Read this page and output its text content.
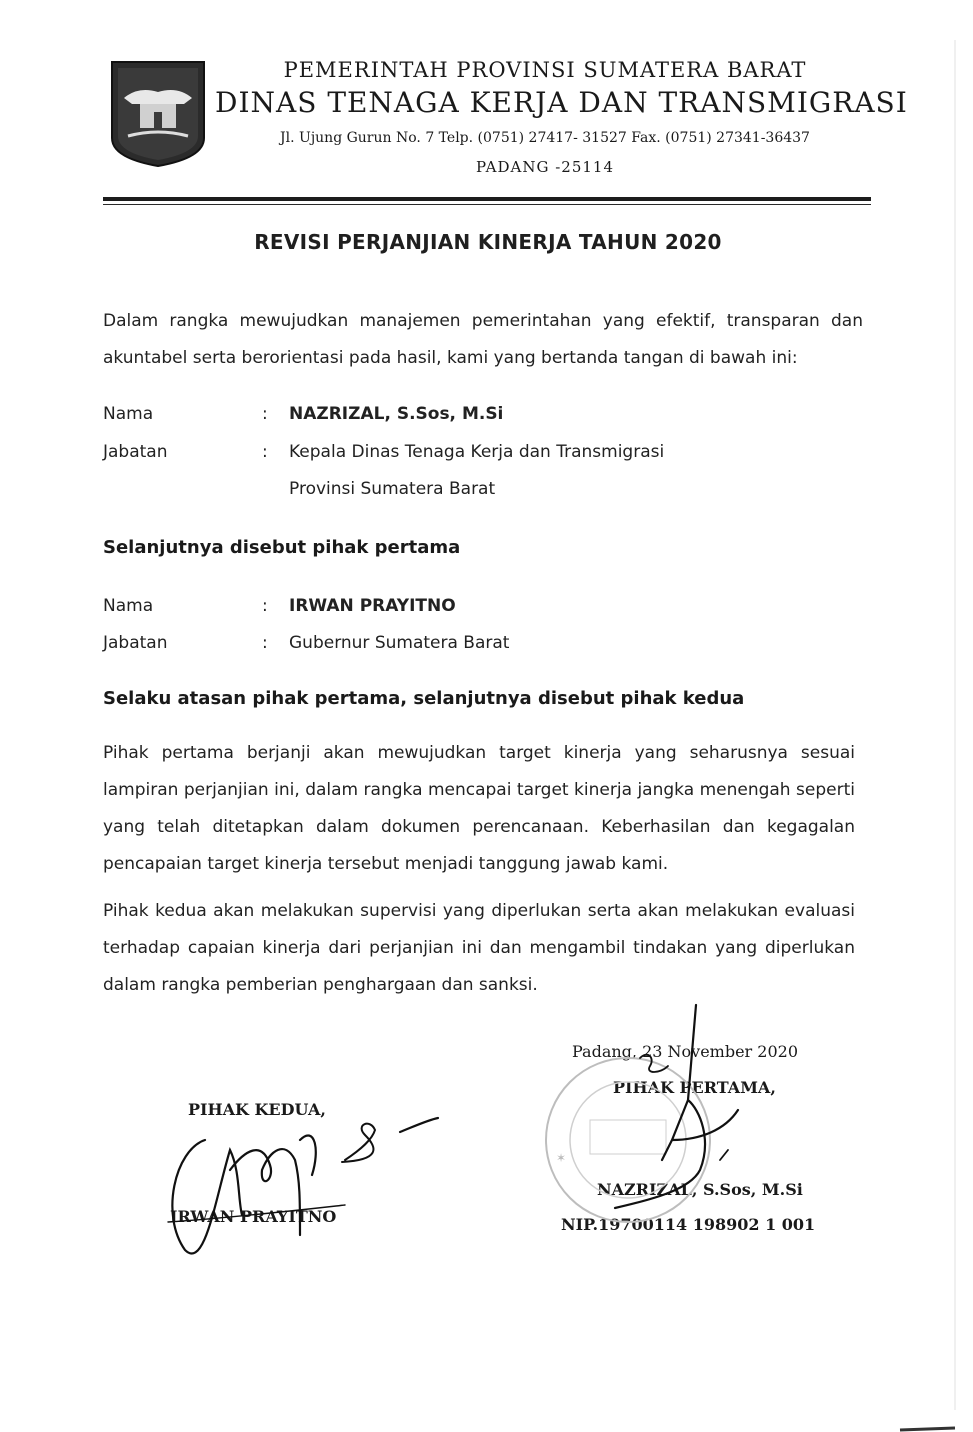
PEMERINTAH PROVINSI SUMATERA BARAT
DINAS TENAGA KERJA DAN TRANSMIGRASI
Jl. Ujung Gurun No. 7 Telp. (0751) 27417- 31527 Fax. (0751) 27341-36437
PADANG -25114
REVISI PERJANJIAN KINERJA TAHUN 2020
Dalam rangka mewujudkan manajemen pemerintahan yang efektif, transparan dan akuntabel serta berorientasi pada hasil, kami yang bertanda tangan di bawah ini:
Nama	: NAZRIZAL, S.Sos, M.Si
Jabatan	: Kepala Dinas Tenaga Kerja dan Transmigrasi
Provinsi Sumatera Barat
Selanjutnya disebut pihak pertama
Nama	: IRWAN PRAYITNO
Jabatan	: Gubernur Sumatera Barat
Selaku atasan pihak pertama, selanjutnya disebut pihak kedua
Pihak pertama berjanji akan mewujudkan target kinerja yang seharusnya sesuai lampiran perjanjian ini, dalam rangka mencapai target kinerja jangka menengah seperti yang telah ditetapkan dalam dokumen perencanaan. Keberhasilan dan kegagalan pencapaian target kinerja tersebut menjadi tanggung jawab kami.
Pihak kedua akan melakukan supervisi yang diperlukan serta akan melakukan evaluasi terhadap capaian kinerja dari perjanjian ini dan mengambil tindakan yang diperlukan dalam rangka pemberian penghargaan dan sanksi.
Padang, 23 November 2020
PIHAK PERTAMA,
PIHAK KEDUA,
IRWAN PRAYITNO
NAZRIZAL, S.Sos, M.Si
NIP.19700114 198902 1 001
✶
